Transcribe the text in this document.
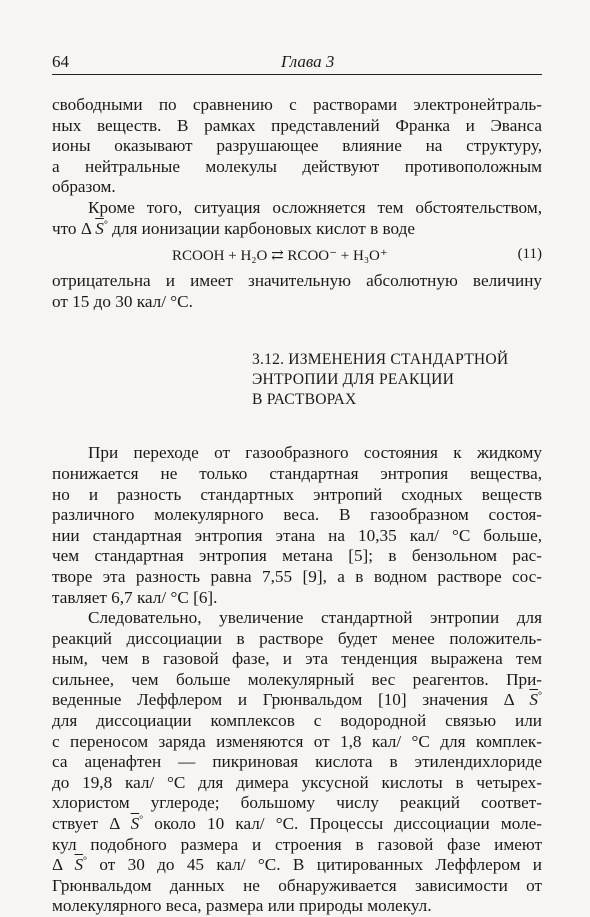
64	Глава 3

свободными по сравнению с растворами электронейтраль-
ных веществ. В рамках представлений Франка и Эванса
ионы оказывают разрушающее влияние на структуру,
а нейтральные молекулы действуют противоположным
образом.

Кроме того, ситуация осложняется тем обстоятельством,
что Δ $\overline{S}^\circ$ для ионизации карбоновых кислот в воде

RCOOH + H₂O ⇄ RCOO⁻ + H₃O⁺	(11)

отрицательна и имеет значительную абсолютную величину
от 15 до 30 кал/ °С.

3.12. ИЗМЕНЕНИЯ СТАНДАРТНОЙ
ЭНТРОПИИ ДЛЯ РЕАКЦИИ
В РАСТВОРАХ

При переходе от газообразного состояния к жидкому
понижается не только стандартная энтропия вещества,
но и разность стандартных энтропий сходных веществ
различного молекулярного веса. В газообразном состоя-
нии стандартная энтропия этана на 10,35 кал/ °С больше,
чем стандартная энтропия метана [5]; в бензольном рас-
творе эта разность равна 7,55 [9], а в водном растворе сос-
тавляет 6,7 кал/ °С [6].

Следовательно, увеличение стандартной энтропии для
реакций диссоциации в растворе будет менее положитель-
ным, чем в газовой фазе, и эта тенденция выражена тем
сильнее, чем больше молекулярный вес реагентов. При-
веденные Леффлером и Грюнвальдом [10] значения Δ $\overline{S}^\circ$
для диссоциации комплексов с водородной связью или
с переносом заряда изменяются от 1,8 кал/ °С для комплек-
са аценафтен — пикриновая кислота в этилендихлориде
до 19,8 кал/ °С для димера уксусной кислоты в четырех-
хлористом углероде; большому числу реакций соответ-
ствует Δ $\overline{S}^\circ$ около 10 кал/ °С. Процессы диссоциации моле-
кул подобного размера и строения в газовой фазе имеют
Δ $\overline{S}^\circ$ от 30 до 45 кал/ °С. В цитированных Леффлером и
Грюнвальдом данных не обнаруживается зависимости от
молекулярного веса, размера или природы молекул.
